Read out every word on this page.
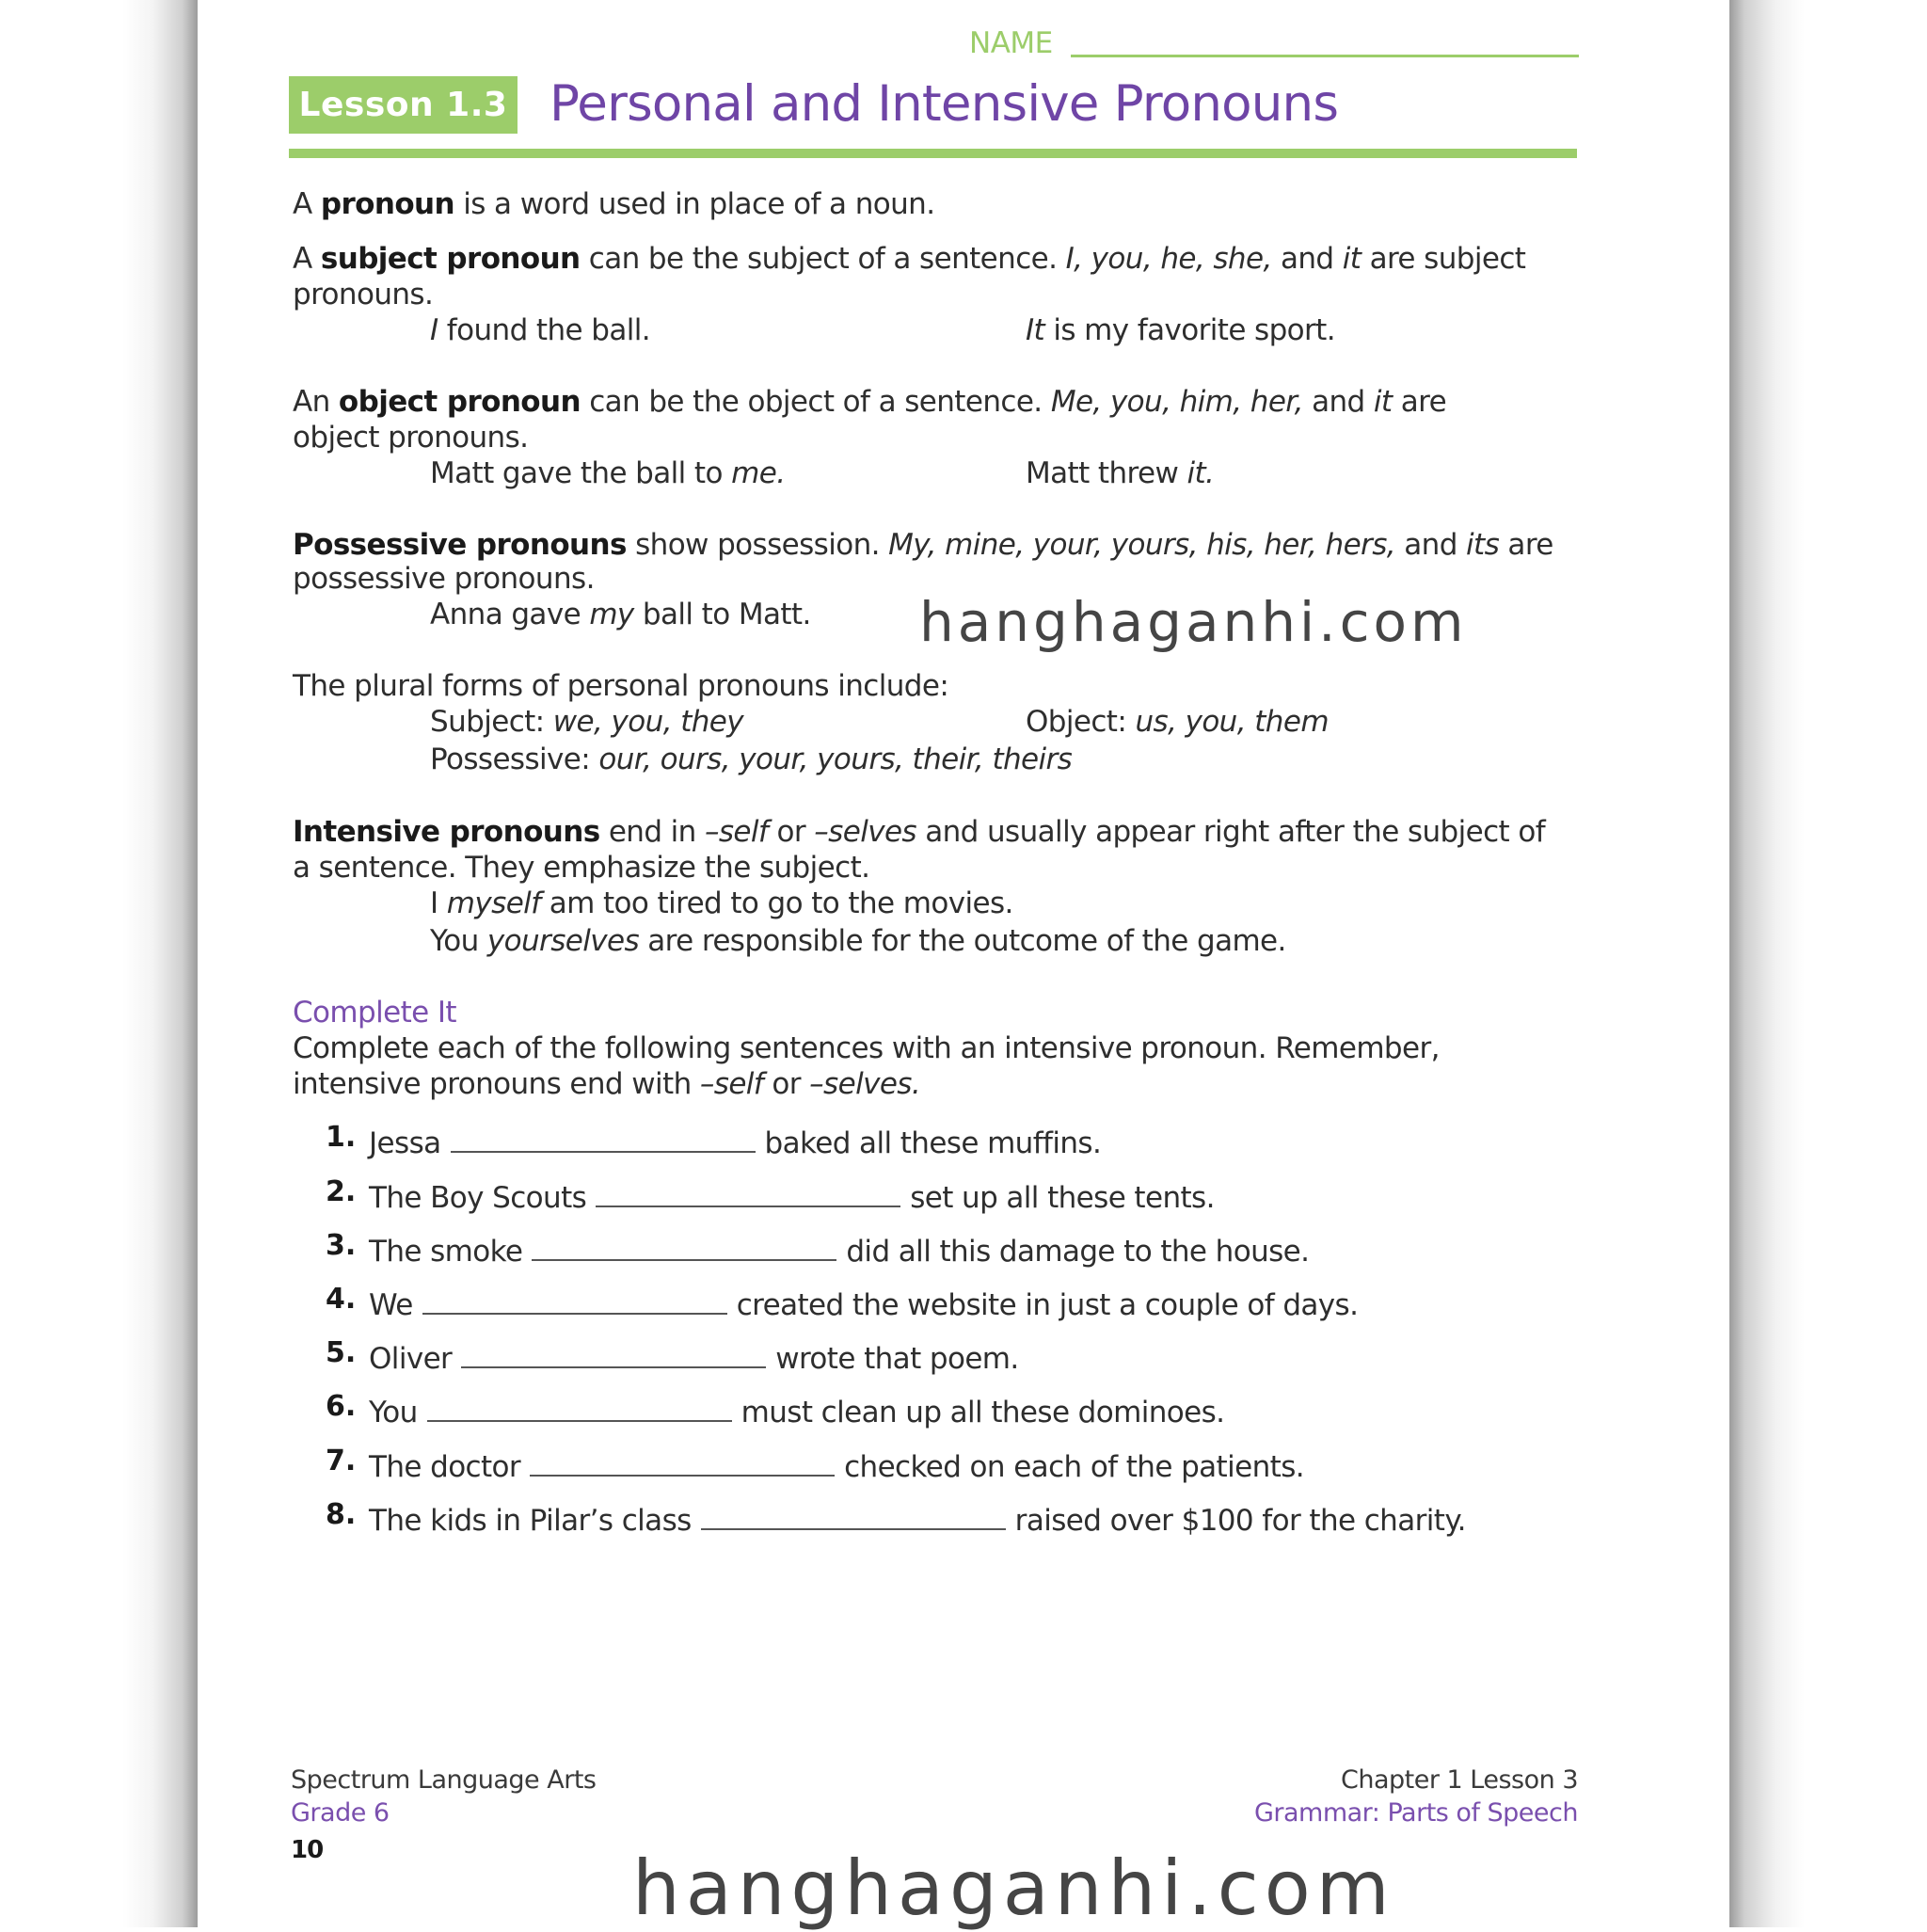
NAME
Lesson 1.3 Personal and Intensive Pronouns
A pronoun is a word used in place of a noun.
A subject pronoun can be the subject of a sentence. I, you, he, she, and it are subject
pronouns.
I found the ball.	It is my favorite sport.
An object pronoun can be the object of a sentence. Me, you, him, her, and it are
object pronouns.
Matt gave the ball to me.	Matt threw it.
Possessive pronouns show possession. My, mine, your, yours, his, her, hers, and its are
possessive pronouns.
Anna gave my ball to Matt.
The plural forms of personal pronouns include:
Subject: we, you, they	Object: us, you, them
Possessive: our, ours, your, yours, their, theirs
Intensive pronouns end in –self or –selves and usually appear right after the subject of
a sentence. They emphasize the subject.
I myself am too tired to go to the movies.
You yourselves are responsible for the outcome of the game.
Complete It
Complete each of the following sentences with an intensive pronoun. Remember,
intensive pronouns end with –self or –selves.
1. Jessa	baked all these muffins.
2. The Boy Scouts	set up all these tents.
3. The smoke	did all this damage to the house.
4. We	created the website in just a couple of days.
5. Oliver	wrote that poem.
6. You	must clean up all these dominoes.
7. The doctor	checked on each of the patients.
8. The kids in Pilar’s class	raised over $100 for the charity.
hanghaganhi.com
Spectrum Language Arts
Grade 6
10
Chapter 1 Lesson 3
Grammar: Parts of Speech
hanghaganhi.com
